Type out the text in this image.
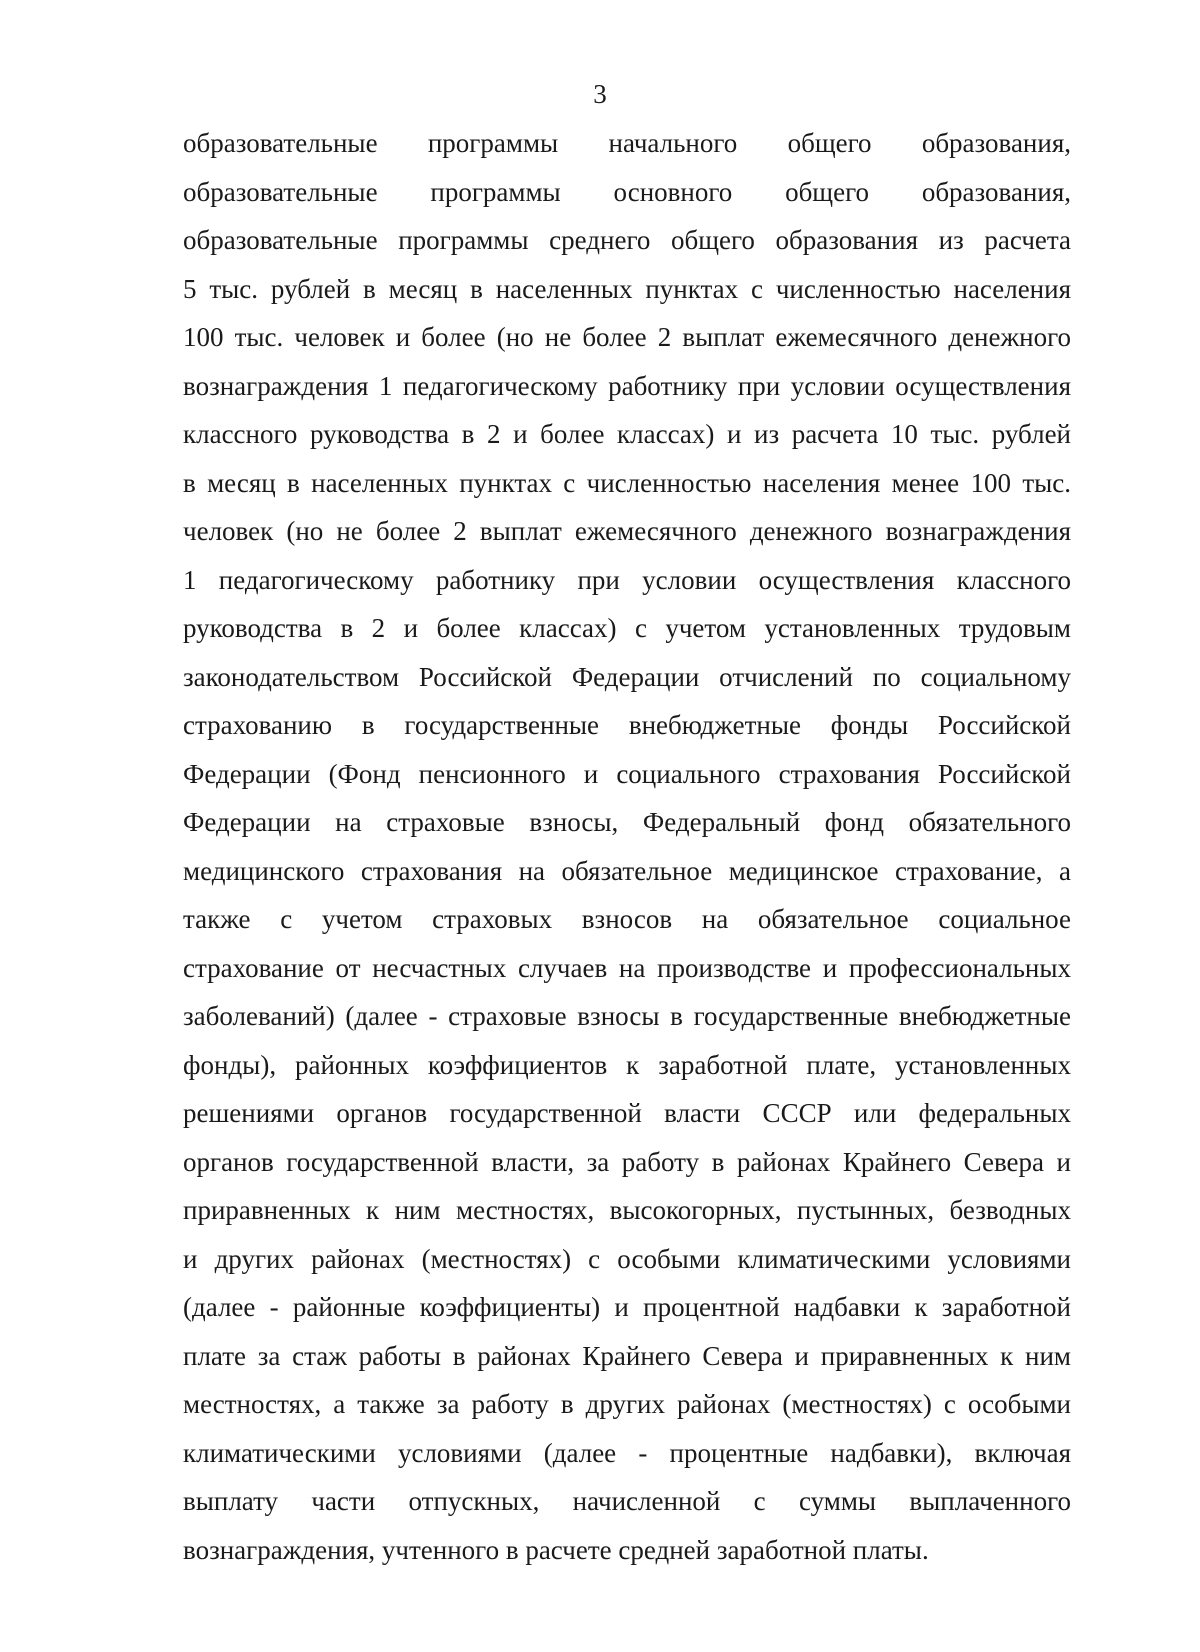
3
образовательные программы начального общего образования,
образовательные программы основного общего образования,
образовательные программы среднего общего образования из расчета
5 тыс. рублей в месяц в населенных пунктах с численностью населения
100 тыс. человек и более (но не более 2 выплат ежемесячного денежного
вознаграждения 1 педагогическому работнику при условии осуществления
классного руководства в 2 и более классах) и из расчета 10 тыс. рублей
в месяц в населенных пунктах с численностью населения менее 100 тыс.
человек (но не более 2 выплат ежемесячного денежного вознаграждения
1 педагогическому работнику при условии осуществления классного
руководства в 2 и более классах) с учетом установленных трудовым
законодательством Российской Федерации отчислений по социальному
страхованию в государственные внебюджетные фонды Российской
Федерации (Фонд пенсионного и социального страхования Российской
Федерации на страховые взносы, Федеральный фонд обязательного
медицинского страхования на обязательное медицинское страхование, а
также с учетом страховых взносов на обязательное социальное
страхование от несчастных случаев на производстве и профессиональных
заболеваний) (далее - страховые взносы в государственные внебюджетные
фонды), районных коэффициентов к заработной плате, установленных
решениями органов государственной власти СССР или федеральных
органов государственной власти, за работу в районах Крайнего Севера и
приравненных к ним местностях, высокогорных, пустынных, безводных
и других районах (местностях) с особыми климатическими условиями
(далее - районные коэффициенты) и процентной надбавки к заработной
плате за стаж работы в районах Крайнего Севера и приравненных к ним
местностях, а также за работу в других районах (местностях) с особыми
климатическими условиями (далее - процентные надбавки), включая
выплату части отпускных, начисленной с суммы выплаченного
вознаграждения, учтенного в расчете средней заработной платы.
